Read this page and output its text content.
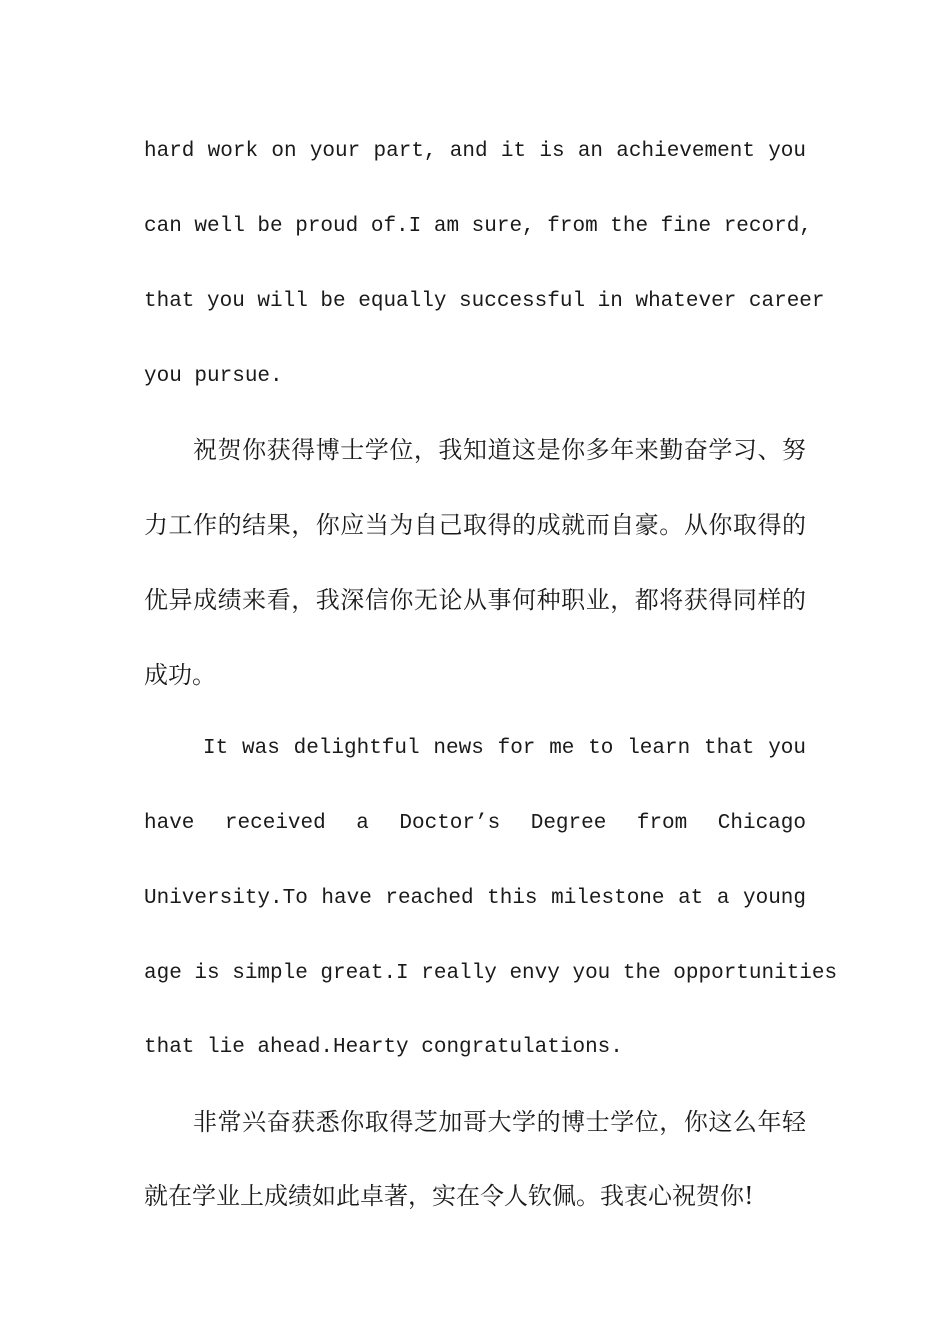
hard work on your part, and it is an achievement you
can well be proud of.I am sure, from the fine record,
that you will be equally successful in whatever career
you pursue.
祝贺你获得博士学位，我知道这是你多年来勤奋学习、努
力工作的结果，你应当为自己取得的成就而自豪。从你取得的
优异成绩来看，我深信你无论从事何种职业，都将获得同样的
成功。
It was delightful news for me to learn that you
have received a Doctor’s Degree from Chicago
University.To have reached this milestone at a young
age is simple great.I really envy you the opportunities
that lie ahead.Hearty congratulations.
非常兴奋获悉你取得芝加哥大学的博士学位，你这么年轻
就在学业上成绩如此卓著，实在令人钦佩。我衷心祝贺你!
